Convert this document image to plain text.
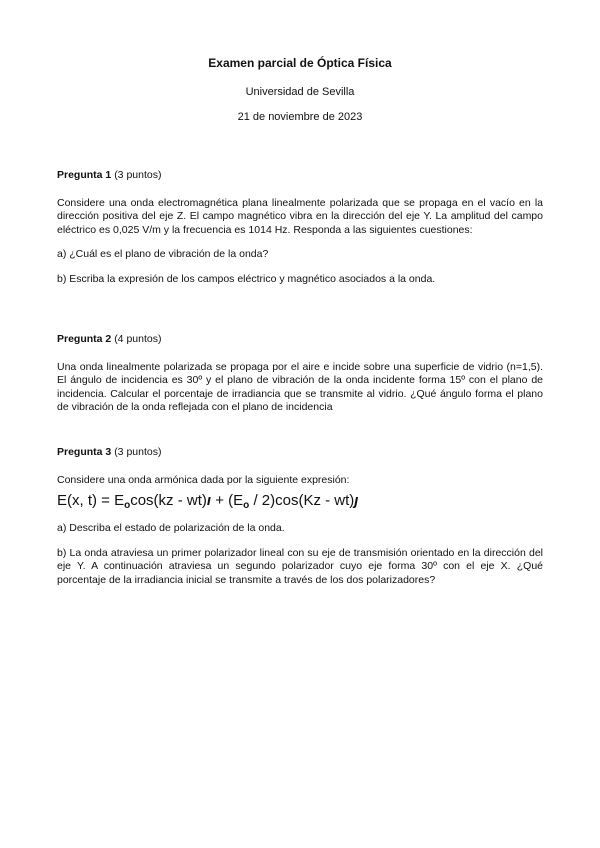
Examen parcial de Óptica Física
Universidad de Sevilla
21 de noviembre de 2023

Pregunta 1 (3 puntos)

Considere una onda electromagnética plana linealmente polarizada que se propaga en el vacío en la dirección positiva del eje Z. El campo magnético vibra en la dirección del eje Y. La amplitud del campo eléctrico es 0,025 V/m y la frecuencia es 1014 Hz. Responda a las siguientes cuestiones:

a) ¿Cuál es el plano de vibración de la onda?

b) Escriba la expresión de los campos eléctrico y magnético asociados a la onda.

Pregunta 2 (4 puntos)

Una onda linealmente polarizada se propaga por el aire e incide sobre una superficie de vidrio (n=1,5). El ángulo de incidencia es 30º y el plano de vibración de la onda incidente forma 15º con el plano de incidencia. Calcular el porcentaje de irradiancia que se transmite al vidrio. ¿Qué ángulo forma el plano de vibración de la onda reflejada con el plano de incidencia

Pregunta 3 (3 puntos)

Considere una onda armónica dada por la siguiente expresión:

E(x, $t) = E_o\cos(kz$ - wt)ı + $(E_o / 2)\cos(Kz$ - wt)ȷ

a) Describa el estado de polarización de la onda.

b) La onda atraviesa un primer polarizador lineal con su eje de transmisión orientado en la dirección del eje Y. A continuación atraviesa un segundo polarizador cuyo eje forma 30º con el eje X. ¿Qué porcentaje de la irradiancia inicial se transmite a través de los dos polarizadores?
